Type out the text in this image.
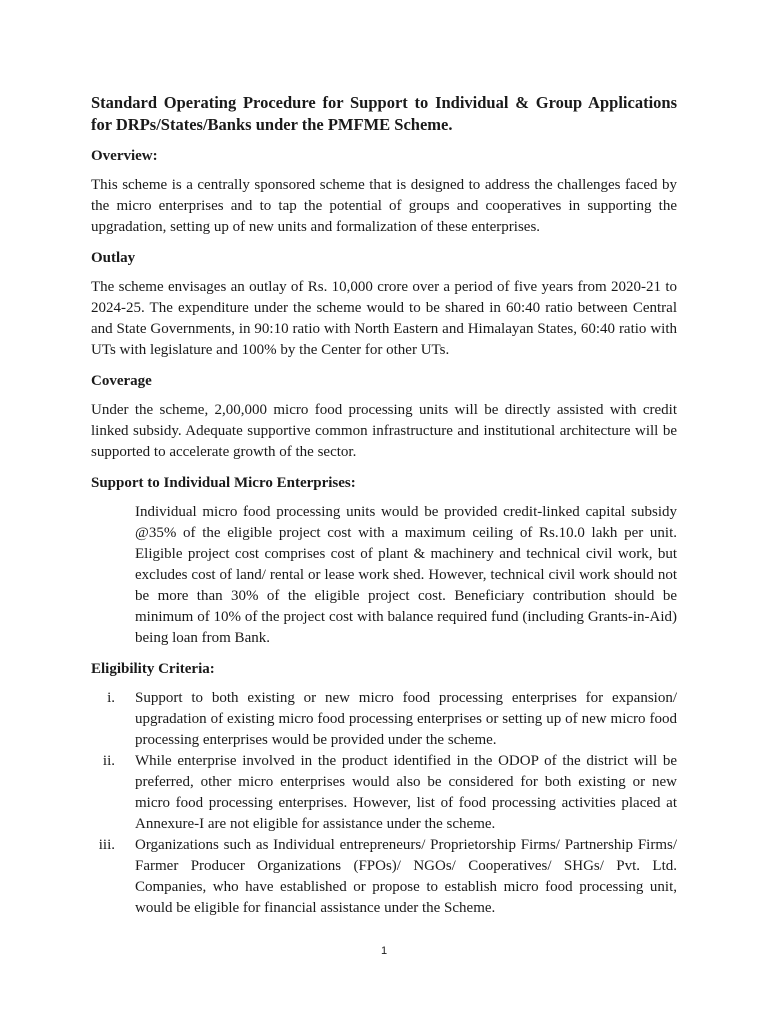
Standard Operating Procedure for Support to Individual & Group Applications for DRPs/States/Banks under the PMFME Scheme.
Overview:

This scheme is a centrally sponsored scheme that is designed to address the challenges faced by the micro enterprises and to tap the potential of groups and cooperatives in supporting the upgradation, setting up of new units and formalization of these enterprises.

Outlay

The scheme envisages an outlay of Rs. 10,000 crore over a period of five years from 2020-21 to 2024-25. The expenditure under the scheme would to be shared in 60:40 ratio between Central and State Governments, in 90:10 ratio with North Eastern and Himalayan States, 60:40 ratio with UTs with legislature and 100% by the Center for other UTs.

Coverage

Under the scheme, 2,00,000 micro food processing units will be directly assisted with credit linked subsidy. Adequate supportive common infrastructure and institutional architecture will be supported to accelerate growth of the sector.

Support to Individual Micro Enterprises:

Individual micro food processing units would be provided credit-linked capital subsidy @35% of the eligible project cost with a maximum ceiling of Rs.10.0 lakh per unit. Eligible project cost comprises cost of plant & machinery and technical civil work, but excludes cost of land/ rental or lease work shed. However, technical civil work should not be more than 30% of the eligible project cost. Beneficiary contribution should be minimum of 10% of the project cost with balance required fund (including Grants-in-Aid) being loan from Bank.

Eligibility Criteria:
i. Support to both existing or new micro food processing enterprises for expansion/ upgradation of existing micro food processing enterprises or setting up of new micro food processing enterprises would be provided under the scheme.
ii. While enterprise involved in the product identified in the ODOP of the district will be preferred, other micro enterprises would also be considered for both existing or new micro food processing enterprises. However, list of food processing activities placed at Annexure-I are not eligible for assistance under the scheme.
iii. Organizations such as Individual entrepreneurs/ Proprietorship Firms/ Partnership Firms/ Farmer Producer Organizations (FPOs)/ NGOs/ Cooperatives/ SHGs/ Pvt. Ltd. Companies, who have established or propose to establish micro food processing unit, would be eligible for financial assistance under the Scheme.
1
